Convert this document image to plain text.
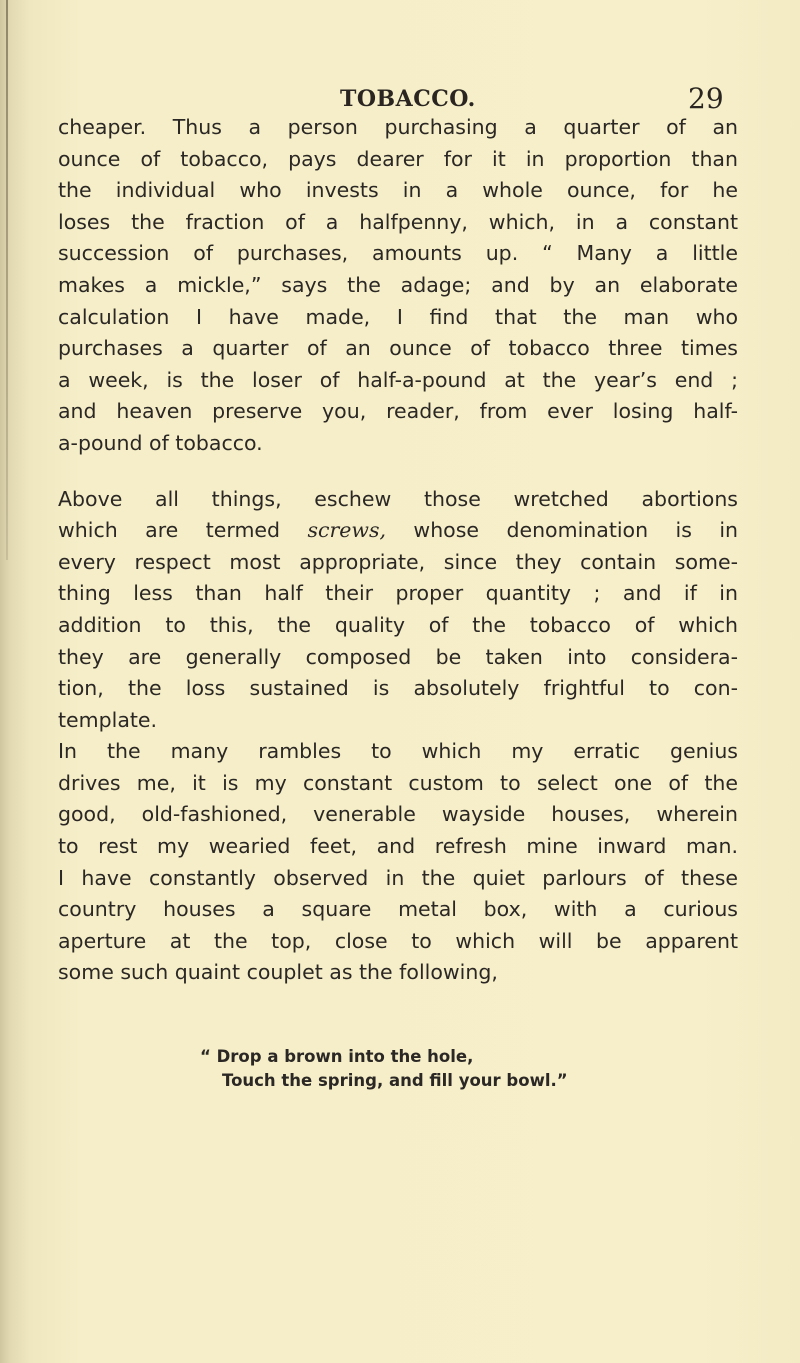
TOBACCO.	29

cheaper. Thus a person purchasing a quarter of an
ounce of tobacco, pays dearer for it in proportion than
the individual who invests in a whole ounce, for he
loses the fraction of a halfpenny, which, in a constant
succession of purchases, amounts up. “ Many a little
makes a mickle,” says the adage; and by an elaborate
calculation I have made, I find that the man who
purchases a quarter of an ounce of tobacco three times
a week, is the loser of half-a-pound at the year’s end ;
and heaven preserve you, reader, from ever losing half-
a-pound of tobacco.

Above all things, eschew those wretched abortions
which are termed screws, whose denomination is in
every respect most appropriate, since they contain some-
thing less than half their proper quantity ; and if in
addition to this, the quality of the tobacco of which
they are generally composed be taken into considera-
tion, the loss sustained is absolutely frightful to con-
template.

In the many rambles to which my erratic genius
drives me, it is my constant custom to select one of the
good, old-fashioned, venerable wayside houses, wherein
to rest my wearied feet, and refresh mine inward man.
I have constantly observed in the quiet parlours of these
country houses a square metal box, with a curious
aperture at the top, close to which will be apparent
some such quaint couplet as the following,

“ Drop a brown into the hole,
Touch the spring, and fill your bowl.”
